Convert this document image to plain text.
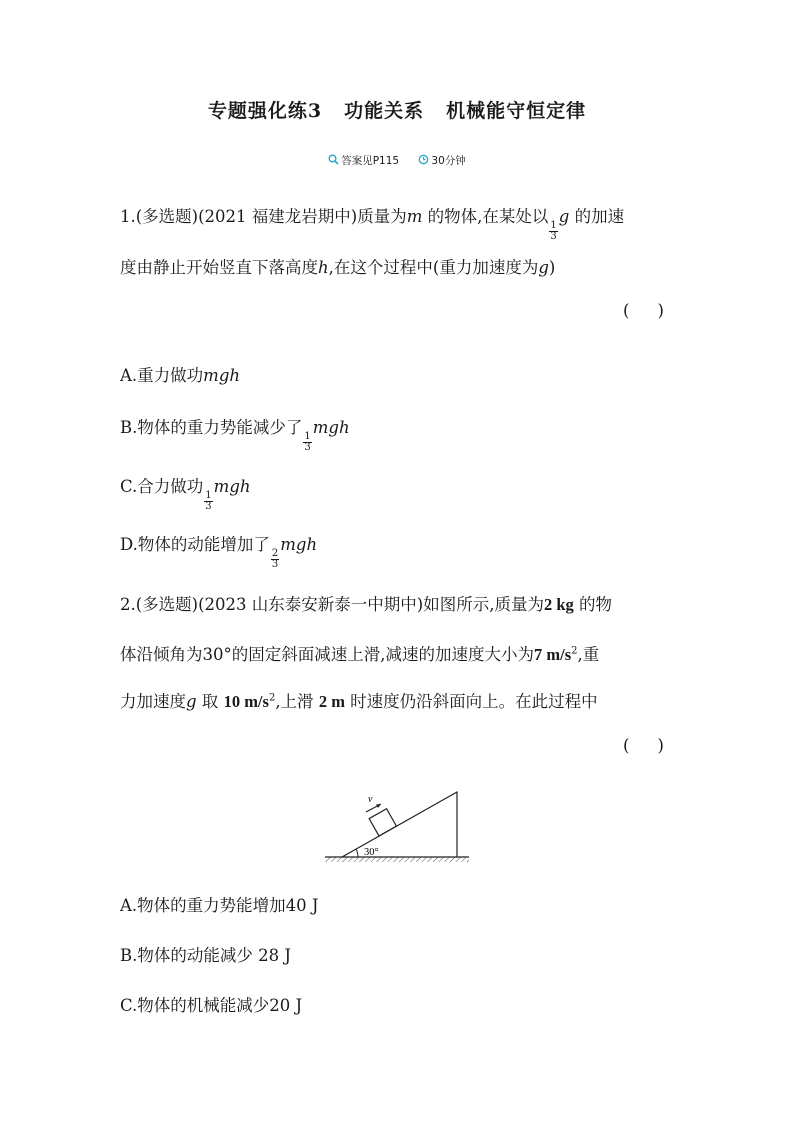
专题强化练3 功能关系 机械能守恒定律
答案见P115
	30分钟
1.(多选题)(2021 福建龙岩期中)质量为m 的物体,在某处以
$\frac{1}{3}$
g 的加速
度由静止开始竖直下落高度h,在这个过程中(重力加速度为g)
( )
A.重力做功mgh
B.物体的重力势能减少了
$\frac{1}{3}$
mgh
C.合力做功
$\frac{1}{3}$
mgh
D.物体的动能增加了
$\frac{2}{3}$
mgh
2.(多选题)(2023 山东泰安新泰一中期中)如图所示,质量为2 kg 的物
体沿倾角为30°的固定斜面减速上滑,减速的加速度大小为7 $m/s^2$,重
力加速度g 取 10 $m/s^2$,上滑 2 m 时速度仍沿斜面向上。在此过程中
( )
v
30°
A.物体的重力势能增加40 J
B.物体的动能减少 28 J
C.物体的机械能减少20 J
